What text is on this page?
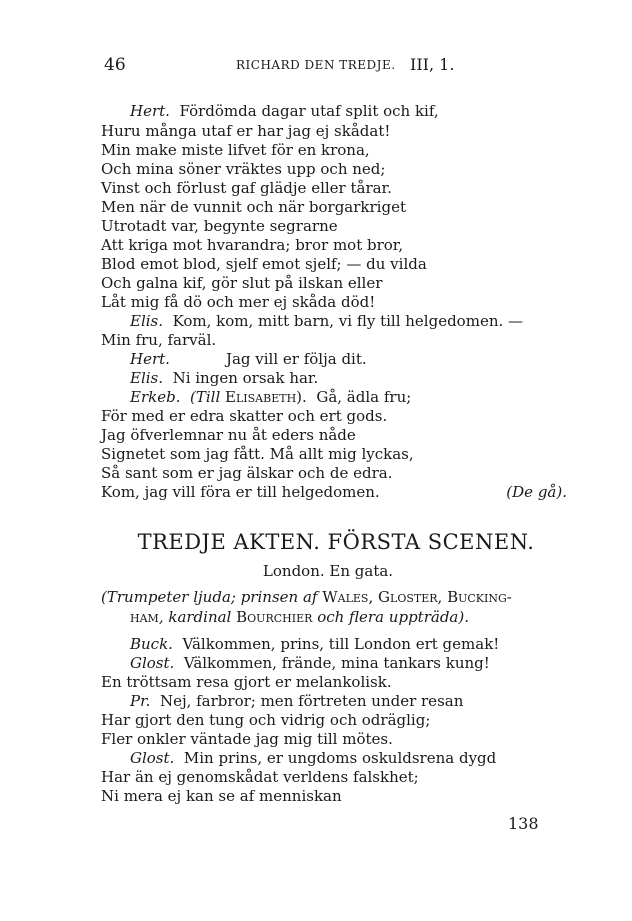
46	RICHARD DEN TREDJE. III, 1.
Hert. Fördömda dagar utaf split och kif,
Huru många utaf er har jag ej skådat!
Min make miste lifvet för en krona,
Och mina söner vräktes upp och ned;
Vinst och förlust gaf glädje eller tårar.
Men när de vunnit och när borgarkriget
Utrotadt var, begynte segrarne
Att kriga mot hvarandra; bror mot bror,
Blod emot blod, sjelf emot sjelf; — du vilda
Och galna kif, gör slut på ilskan eller
Låt mig få dö och mer ej skåda död!
Elis. Kom, kom, mitt barn, vi fly till helgedomen. —
Min fru, farväl.
Hert.	Jag vill er följa dit.
Elis. Ni ingen orsak har.
Erkeb. (Till Elisabeth). Gå, ädla fru;
För med er edra skatter och ert gods.
Jag öfverlemnar nu åt eders nåde
Signetet som jag fått. Må allt mig lyckas,
Så sant som er jag älskar och de edra.
Kom, jag vill föra er till helgedomen.	(De gå).
TREDJE AKTEN. FÖRSTA SCENEN.
London. En gata.
(Trumpeter ljuda; prinsen af Wales, Gloster, Bucking-
ham, kardinal Bourchier och flera uppträda).
Buck. Välkommen, prins, till London ert gemak!
Glost. Välkommen, frände, mina tankars kung!
En tröttsam resa gjort er melankolisk.
Pr. Nej, farbror; men förtreten under resan
Har gjort den tung och vidrig och odräglig;
Fler onkler väntade jag mig till mötes.
Glost. Min prins, er ungdoms oskuldsrena dygd
Har än ej genomskådat verldens falskhet;
Ni mera ej kan se af menniskan
138
